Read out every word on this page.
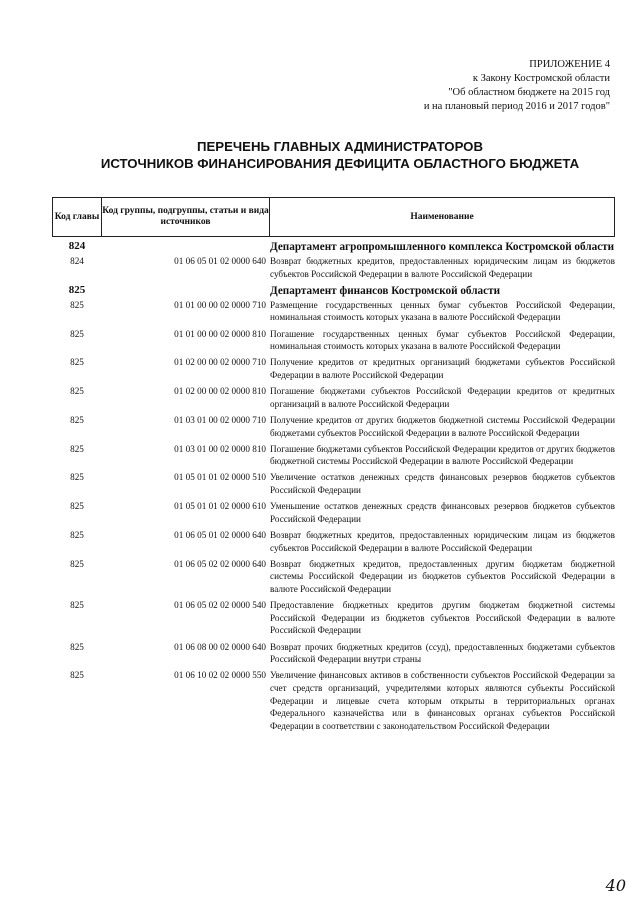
ПРИЛОЖЕНИЕ 4
к Закону Костромской области
"Об областном бюджете на 2015 год
и на плановый период 2016 и 2017 годов"
ПЕРЕЧЕНЬ ГЛАВНЫХ АДМИНИСТРАТОРОВ
ИСТОЧНИКОВ ФИНАНСИРОВАНИЯ ДЕФИЦИТА ОБЛАСТНОГО БЮДЖЕТА
Код главы
Код группы, подгруппы, статьи и вида источников
Наименование
824	Департамент агропромышленного комплекса Костромской области
824	01 06 05 01 02 0000 640 Возврат бюджетных кредитов, предоставленных юридическим лицам из бюджетов субъектов Российской Федерации в валюте Российской Федерации
825	Департамент финансов Костромской области
825	01 01 00 00 02 0000 710 Размещение государственных ценных бумаг субъектов Российской Федерации, номинальная стоимость которых указана в валюте Российской Федерации
825	01 01 00 00 02 0000 810 Погашение государственных ценных бумаг субъектов Российской Федерации, номинальная стоимость которых указана в валюте Российской Федерации
825	01 02 00 00 02 0000 710 Получение кредитов от кредитных организаций бюджетами субъектов Российской Федерации в валюте Российской Федерации
825	01 02 00 00 02 0000 810 Погашение бюджетами субъектов Российской Федерации кредитов от кредитных организаций в валюте Российской Федерации
825	01 03 01 00 02 0000 710 Получение кредитов от других бюджетов бюджетной системы Российской Федерации бюджетами субъектов Российской Федерации в валюте Российской Федерации
825	01 03 01 00 02 0000 810 Погашение бюджетами субъектов Российской Федерации кредитов от других бюджетов бюджетной системы Российской Федерации в валюте Российской Федерации
825	01 05 01 01 02 0000 510 Увеличение остатков денежных средств финансовых резервов бюджетов субъектов Российской Федерации
825	01 05 01 01 02 0000 610 Уменьшение остатков денежных средств финансовых резервов бюджетов субъектов Российской Федерации
825	01 06 05 01 02 0000 640 Возврат бюджетных кредитов, предоставленных юридическим лицам из бюджетов субъектов Российской Федерации в валюте Российской Федерации
825	01 06 05 02 02 0000 640 Возврат бюджетных кредитов, предоставленных другим бюджетам бюджетной системы Российской Федерации из бюджетов субъектов Российской Федерации в валюте Российской Федерации
825	01 06 05 02 02 0000 540 Предоставление бюджетных кредитов другим бюджетам бюджетной системы Российской Федерации из бюджетов субъектов Российской Федерации в валюте Российской Федерации
825	01 06 08 00 02 0000 640 Возврат прочих бюджетных кредитов (ссуд), предоставленных бюджетами субъектов Российской Федерации внутри страны
825	01 06 10 02 02 0000 550 Увеличение финансовых активов в собственности субъектов Российской Федерации за счет средств организаций, учредителями которых являются субъекты Российской Федерации и лицевые счета которым открыты в территориальных органах Федерального казначейства или в финансовых органах субъектов Российской Федерации в соответствии с законодательством Российской Федерации
40
